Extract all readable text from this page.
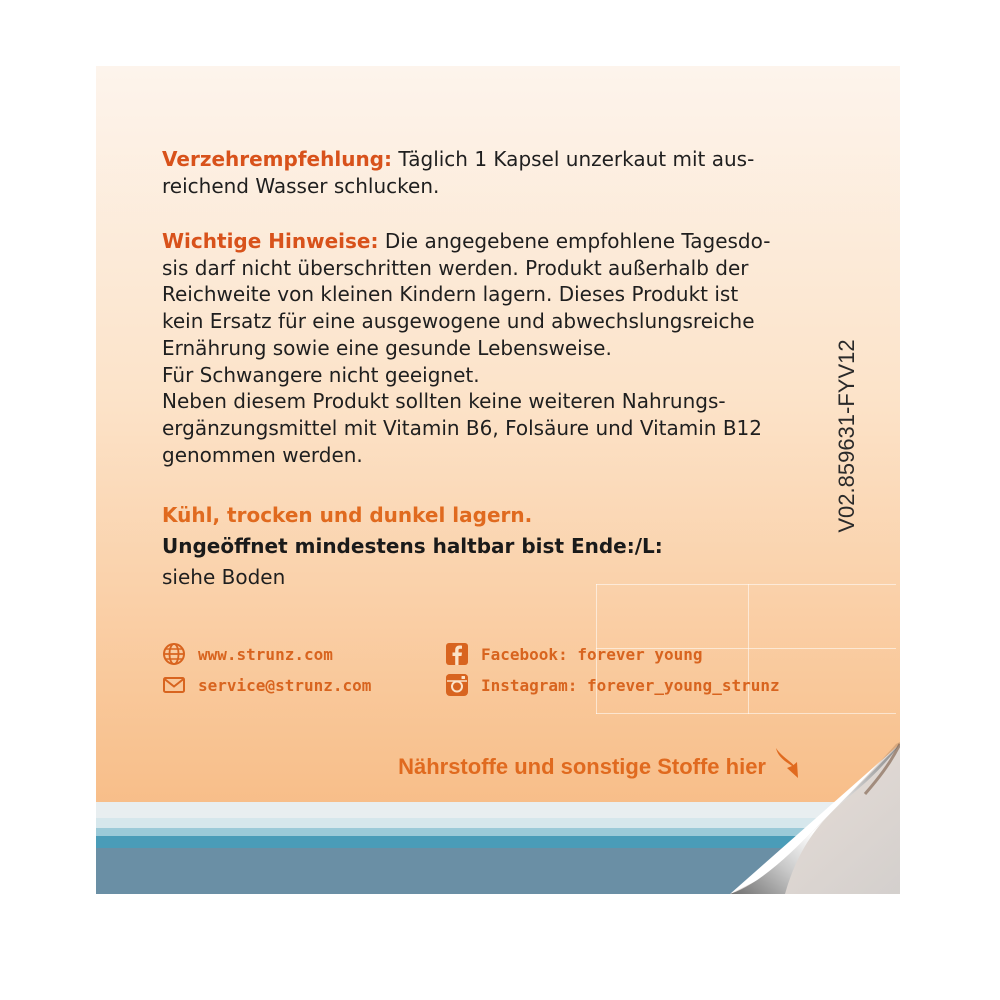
Verzehrempfehlung: Täglich 1 Kapsel unzerkaut mit aus-
reichend Wasser schlucken.
Wichtige Hinweise: Die angegebene empfohlene Tagesdo-
sis darf nicht überschritten werden. Produkt außerhalb der
Reichweite von kleinen Kindern lagern. Dieses Produkt ist
kein Ersatz für eine ausgewogene und abwechslungsreiche
Ernährung sowie eine gesunde Lebensweise.
Für Schwangere nicht geeignet.
Neben diesem Produkt sollten keine weiteren Nahrungs-
ergänzungsmittel mit Vitamin B6, Folsäure und Vitamin B12
genommen werden.
Kühl, trocken und dunkel lagern.
Ungeöffnet mindestens haltbar bist Ende:/L:
siehe Boden
www.strunz.com
service@strunz.com
Facebook: forever young
Instagram: forever_young_strunz
Nährstoffe und sonstige Stoffe hier
V02.859631-FYV12
